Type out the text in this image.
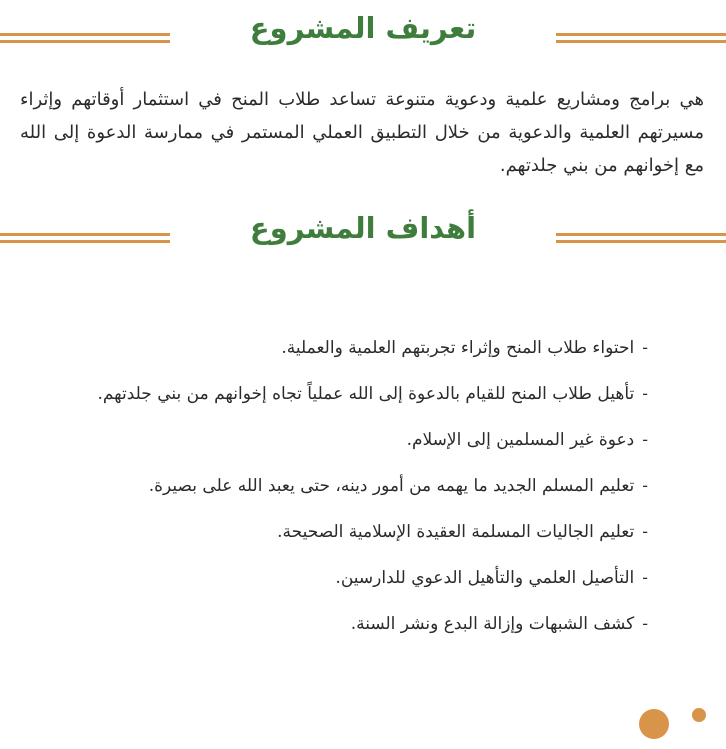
تعريف المشروع

هي برامج ومشاريع علمية ودعوية متنوعة تساعد طلاب المنح في استثمار أوقاتهم وإثراء مسيرتهم العلمية والدعوية من خلال التطبيق العملي المستمر في ممارسة الدعوة إلى الله مع إخوانهم من بني جلدتهم.

أهداف المشروع
-احتواء طلاب المنح وإثراء تجربتهم العلمية والعملية.
-تأهيل طلاب المنح للقيام بالدعوة إلى الله عملياً تجاه إخوانهم من بني جلدتهم.
-دعوة غير المسلمين إلى الإسلام.
-تعليم المسلم الجديد ما يهمه من أمور دينه، حتى يعبد الله على بصيرة.
-تعليم الجاليات المسلمة العقيدة الإسلامية الصحيحة.
-التأصيل العلمي والتأهيل الدعوي للدارسين.
-كشف الشبهات وإزالة البدع ونشر السنة.
